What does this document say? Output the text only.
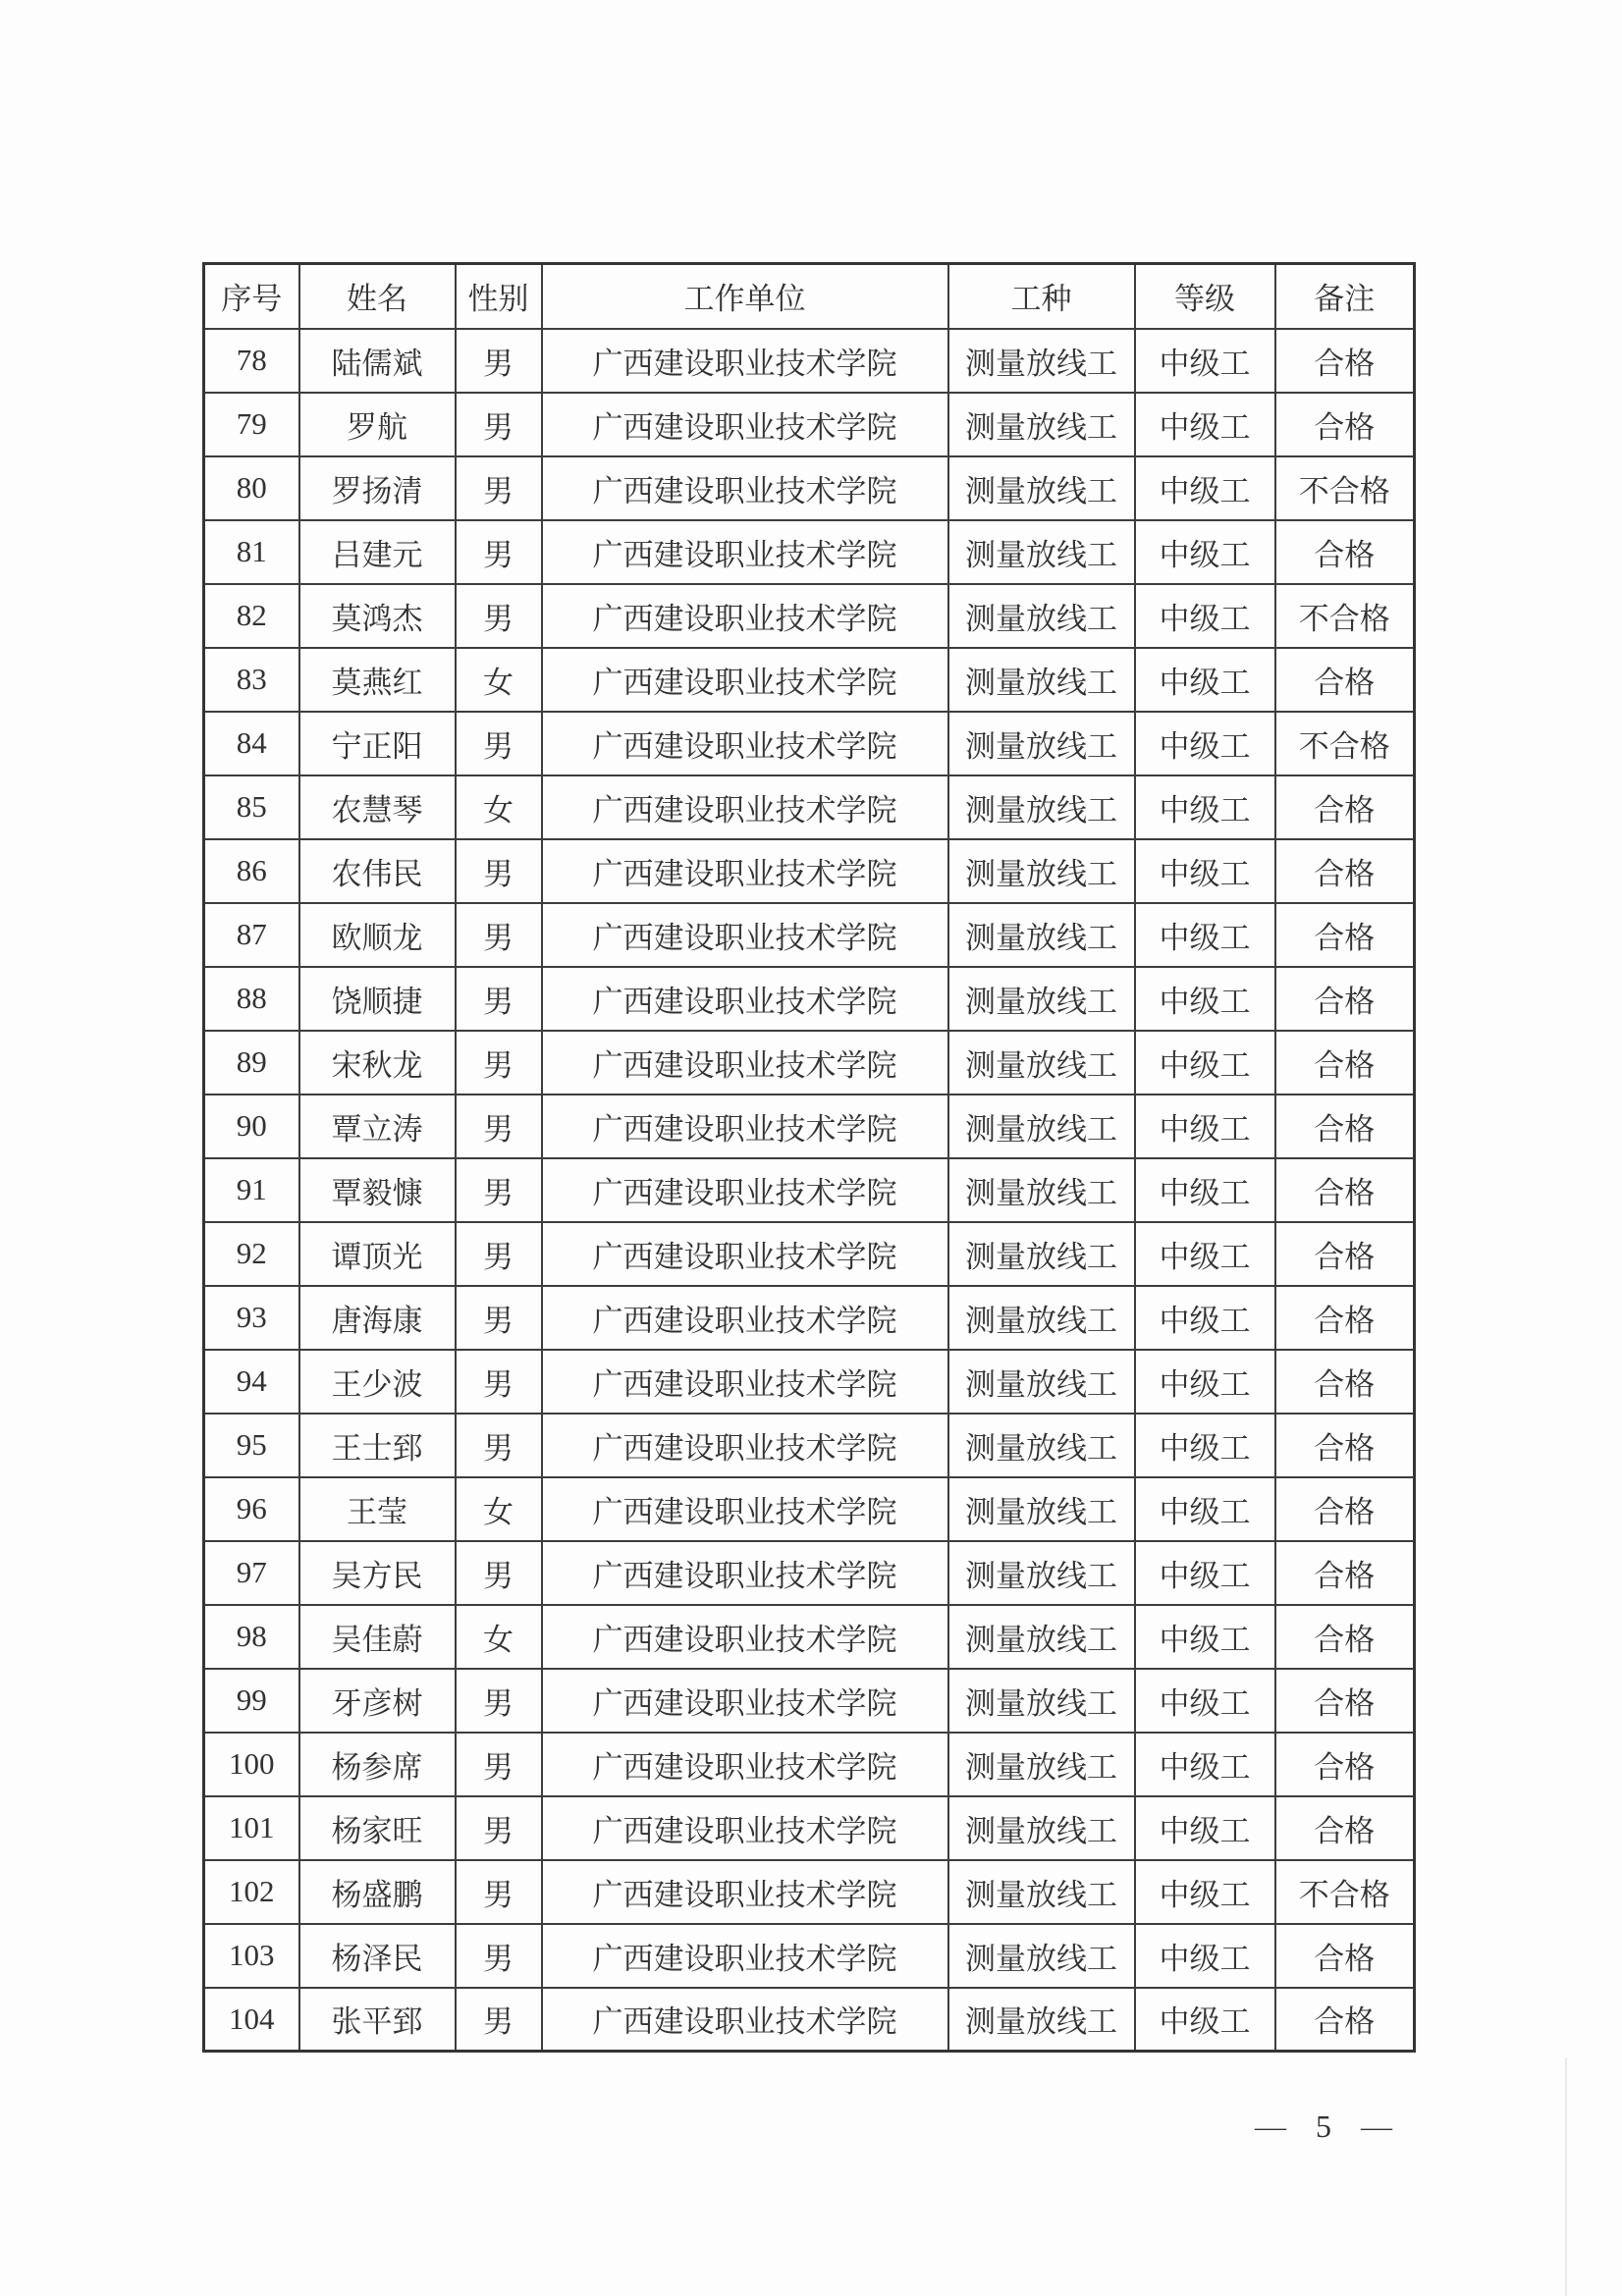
序号	姓名	性别	工作单位	工种	等级	备注
78	陆儒斌	男	广西建设职业技术学院	测量放线工	中级工	合格
79	罗航	男	广西建设职业技术学院	测量放线工	中级工	合格
80	罗扬清	男	广西建设职业技术学院	测量放线工	中级工	不合格
81	吕建元	男	广西建设职业技术学院	测量放线工	中级工	合格
82	莫鸿杰	男	广西建设职业技术学院	测量放线工	中级工	不合格
83	莫燕红	女	广西建设职业技术学院	测量放线工	中级工	合格
84	宁正阳	男	广西建设职业技术学院	测量放线工	中级工	不合格
85	农慧琴	女	广西建设职业技术学院	测量放线工	中级工	合格
86	农伟民	男	广西建设职业技术学院	测量放线工	中级工	合格
87	欧顺龙	男	广西建设职业技术学院	测量放线工	中级工	合格
88	饶顺捷	男	广西建设职业技术学院	测量放线工	中级工	合格
89	宋秋龙	男	广西建设职业技术学院	测量放线工	中级工	合格
90	覃立涛	男	广西建设职业技术学院	测量放线工	中级工	合格
91	覃毅慷	男	广西建设职业技术学院	测量放线工	中级工	合格
92	谭顶光	男	广西建设职业技术学院	测量放线工	中级工	合格
93	唐海康	男	广西建设职业技术学院	测量放线工	中级工	合格
94	王少波	男	广西建设职业技术学院	测量放线工	中级工	合格
95	王士郅	男	广西建设职业技术学院	测量放线工	中级工	合格
96	王莹	女	广西建设职业技术学院	测量放线工	中级工	合格
97	吴方民	男	广西建设职业技术学院	测量放线工	中级工	合格
98	吴佳蔚	女	广西建设职业技术学院	测量放线工	中级工	合格
99	牙彦树	男	广西建设职业技术学院	测量放线工	中级工	合格
100	杨参席	男	广西建设职业技术学院	测量放线工	中级工	合格
101	杨家旺	男	广西建设职业技术学院	测量放线工	中级工	合格
102	杨盛鹏	男	广西建设职业技术学院	测量放线工	中级工	不合格
103	杨泽民	男	广西建设职业技术学院	测量放线工	中级工	合格
104	张平郅	男	广西建设职业技术学院	测量放线工	中级工	合格
— 5 —
